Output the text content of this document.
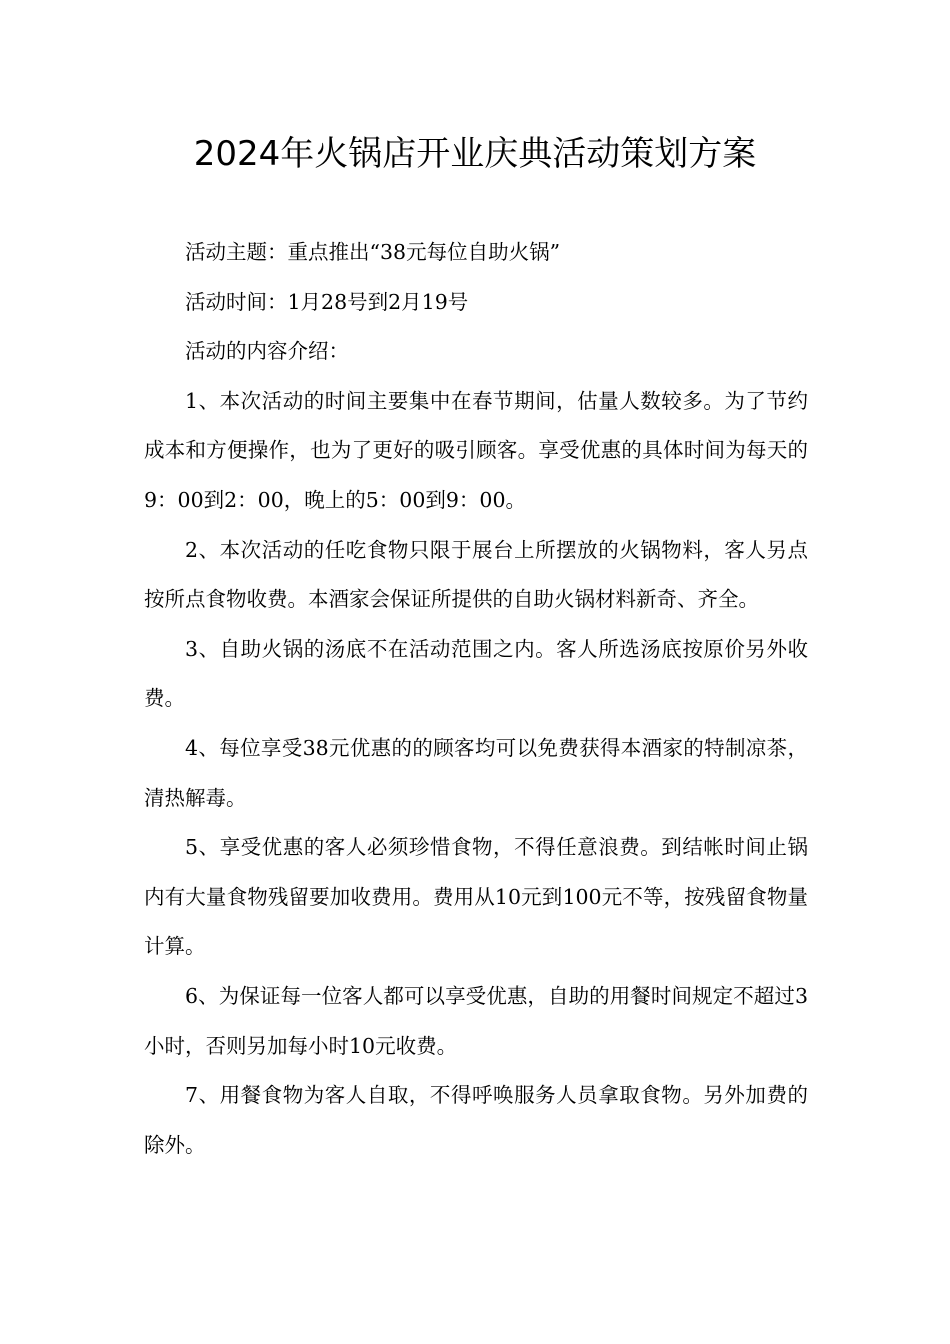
2024年火锅店开业庆典活动策划方案

活动主题：重点推出“38元每位自助火锅”

活动时间：1月28号到2月19号

活动的内容介绍：

1、本次活动的时间主要集中在春节期间，估量人数较多。为了节约成本和方便操作，也为了更好的吸引顾客。享受优惠的具体时间为每天的9：00到2：00，晚上的5：00到9：00。

2、本次活动的任吃食物只限于展台上所摆放的火锅物料，客人另点按所点食物收费。本酒家会保证所提供的自助火锅材料新奇、齐全。

3、自助火锅的汤底不在活动范围之内。客人所选汤底按原价另外收费。

4、每位享受38元优惠的的顾客均可以免费获得本酒家的特制凉茶，清热解毒。

5、享受优惠的客人必须珍惜食物，不得任意浪费。到结帐时间止锅内有大量食物残留要加收费用。费用从10元到100元不等，按残留食物量计算。

6、为保证每一位客人都可以享受优惠，自助的用餐时间规定不超过3小时，否则另加每小时10元收费。

7、用餐食物为客人自取，不得呼唤服务人员拿取食物。另外加费的除外。
